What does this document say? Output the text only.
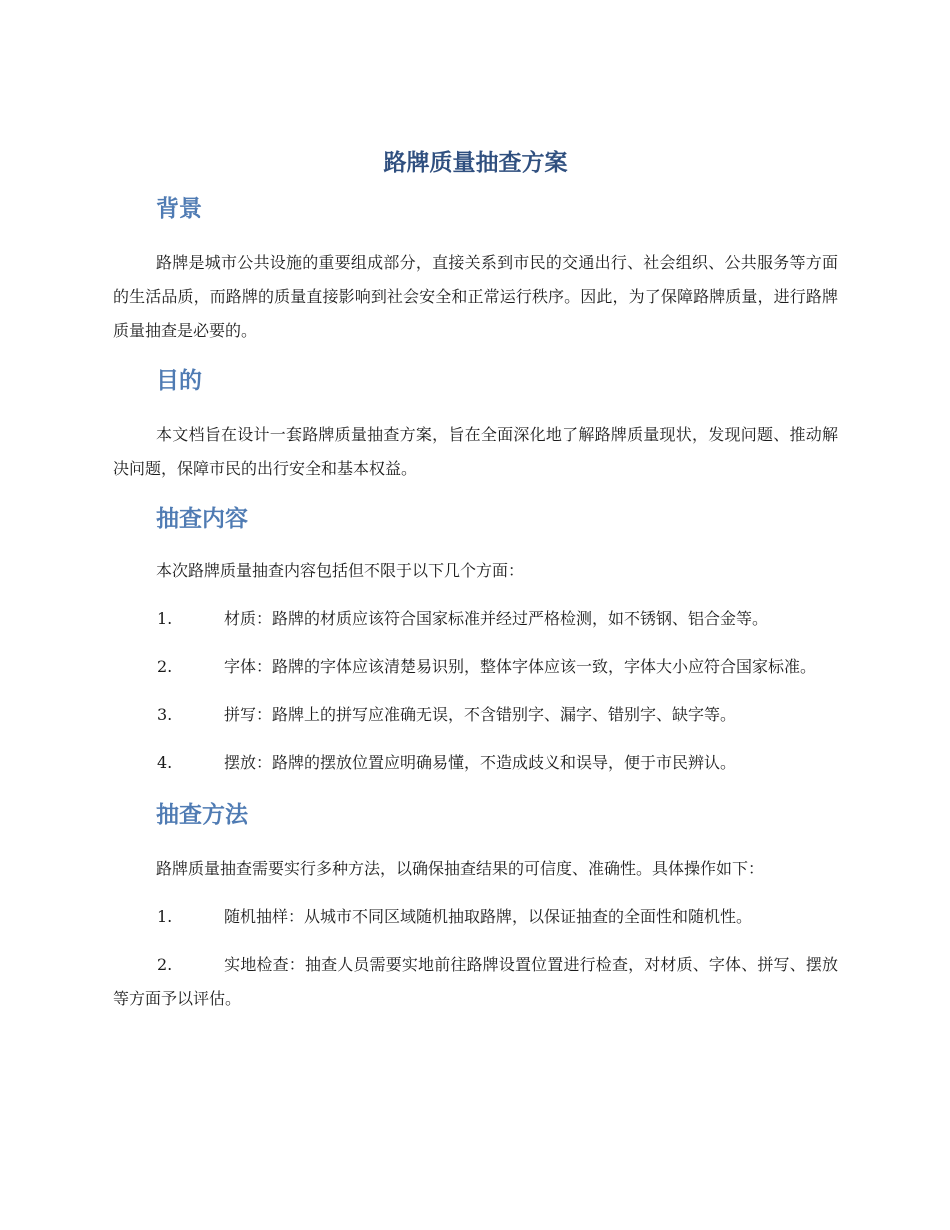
路牌质量抽查方案
背景

路牌是城市公共设施的重要组成部分，直接关系到市民的交通出行、社会组织、公共服务等方面的生活品质，而路牌的质量直接影响到社会安全和正常运行秩序。因此，为了保障路牌质量，进行路牌质量抽查是必要的。

目的

本文档旨在设计一套路牌质量抽查方案，旨在全面深化地了解路牌质量现状，发现问题、推动解决问题，保障市民的出行安全和基本权益。

抽查内容

本次路牌质量抽查内容包括但不限于以下几个方面：

1.	材质：路牌的材质应该符合国家标准并经过严格检测，如不锈钢、铝合金等。

2.	字体：路牌的字体应该清楚易识别，整体字体应该一致，字体大小应符合国家标准。

3.	拼写：路牌上的拼写应准确无误，不含错别字、漏字、错别字、缺字等。

4.	摆放：路牌的摆放位置应明确易懂，不造成歧义和误导，便于市民辨认。

抽查方法

路牌质量抽查需要实行多种方法，以确保抽查结果的可信度、准确性。具体操作如下：

1.	随机抽样：从城市不同区域随机抽取路牌，以保证抽查的全面性和随机性。

2.	实地检查：抽查人员需要实地前往路牌设置位置进行检查，对材质、字体、拼写、摆放等方面予以评估。
